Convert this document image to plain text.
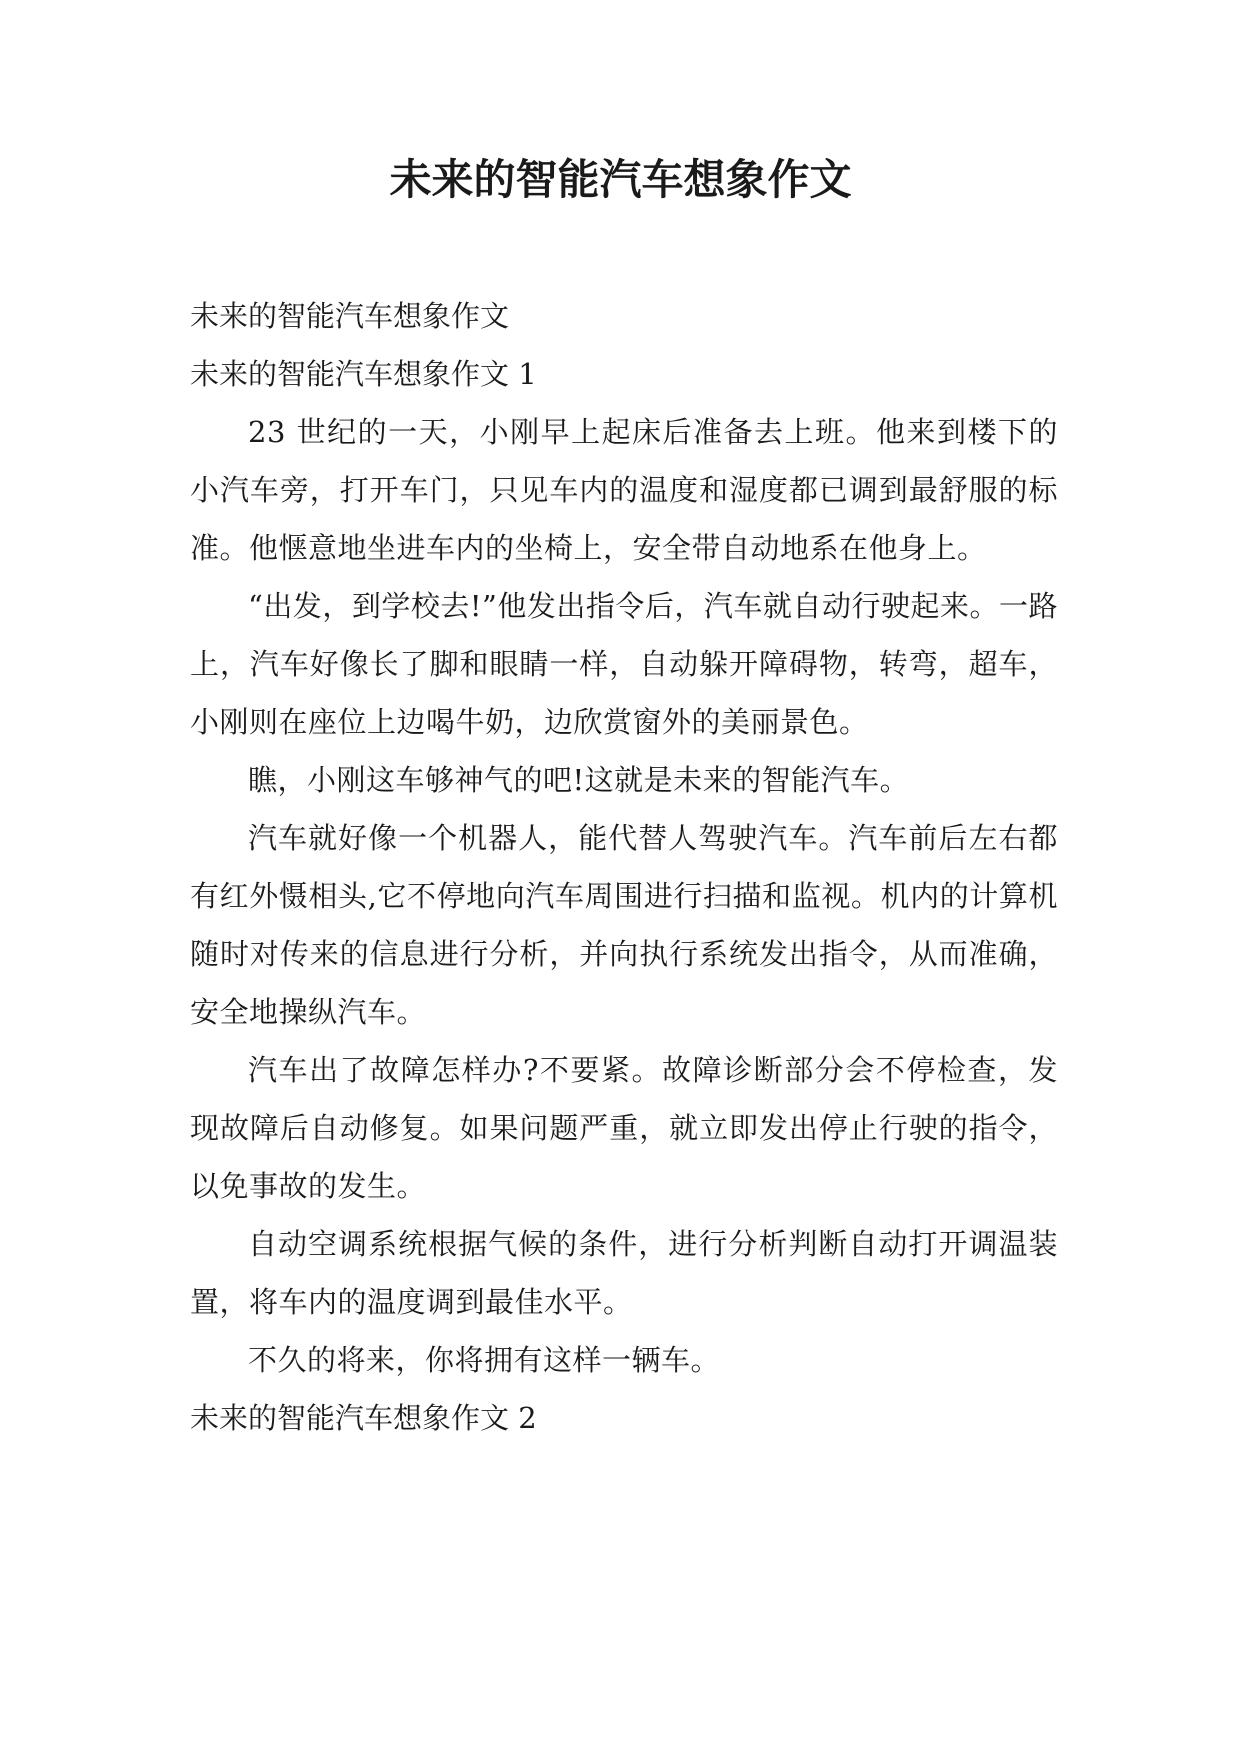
未来的智能汽车想象作文

未来的智能汽车想象作文

未来的智能汽车想象作文 1

23 世纪的一天，小刚早上起床后准备去上班。他来到楼下的小汽车旁，打开车门，只见车内的温度和湿度都已调到最舒服的标准。他惬意地坐进车内的坐椅上，安全带自动地系在他身上。

“出发，到学校去!”他发出指令后，汽车就自动行驶起来。一路上，汽车好像长了脚和眼睛一样，自动躲开障碍物，转弯，超车，小刚则在座位上边喝牛奶，边欣赏窗外的美丽景色。

瞧，小刚这车够神气的吧!这就是未来的智能汽车。

汽车就好像一个机器人，能代替人驾驶汽车。汽车前后左右都有红外慑相头,它不停地向汽车周围进行扫描和监视。机内的计算机随时对传来的信息进行分析，并向执行系统发出指令，从而准确，安全地操纵汽车。

汽车出了故障怎样办?不要紧。故障诊断部分会不停检查，发现故障后自动修复。如果问题严重，就立即发出停止行驶的指令，以免事故的发生。

自动空调系统根据气候的条件，进行分析判断自动打开调温装置，将车内的温度调到最佳水平。

不久的将来，你将拥有这样一辆车。

未来的智能汽车想象作文 2
